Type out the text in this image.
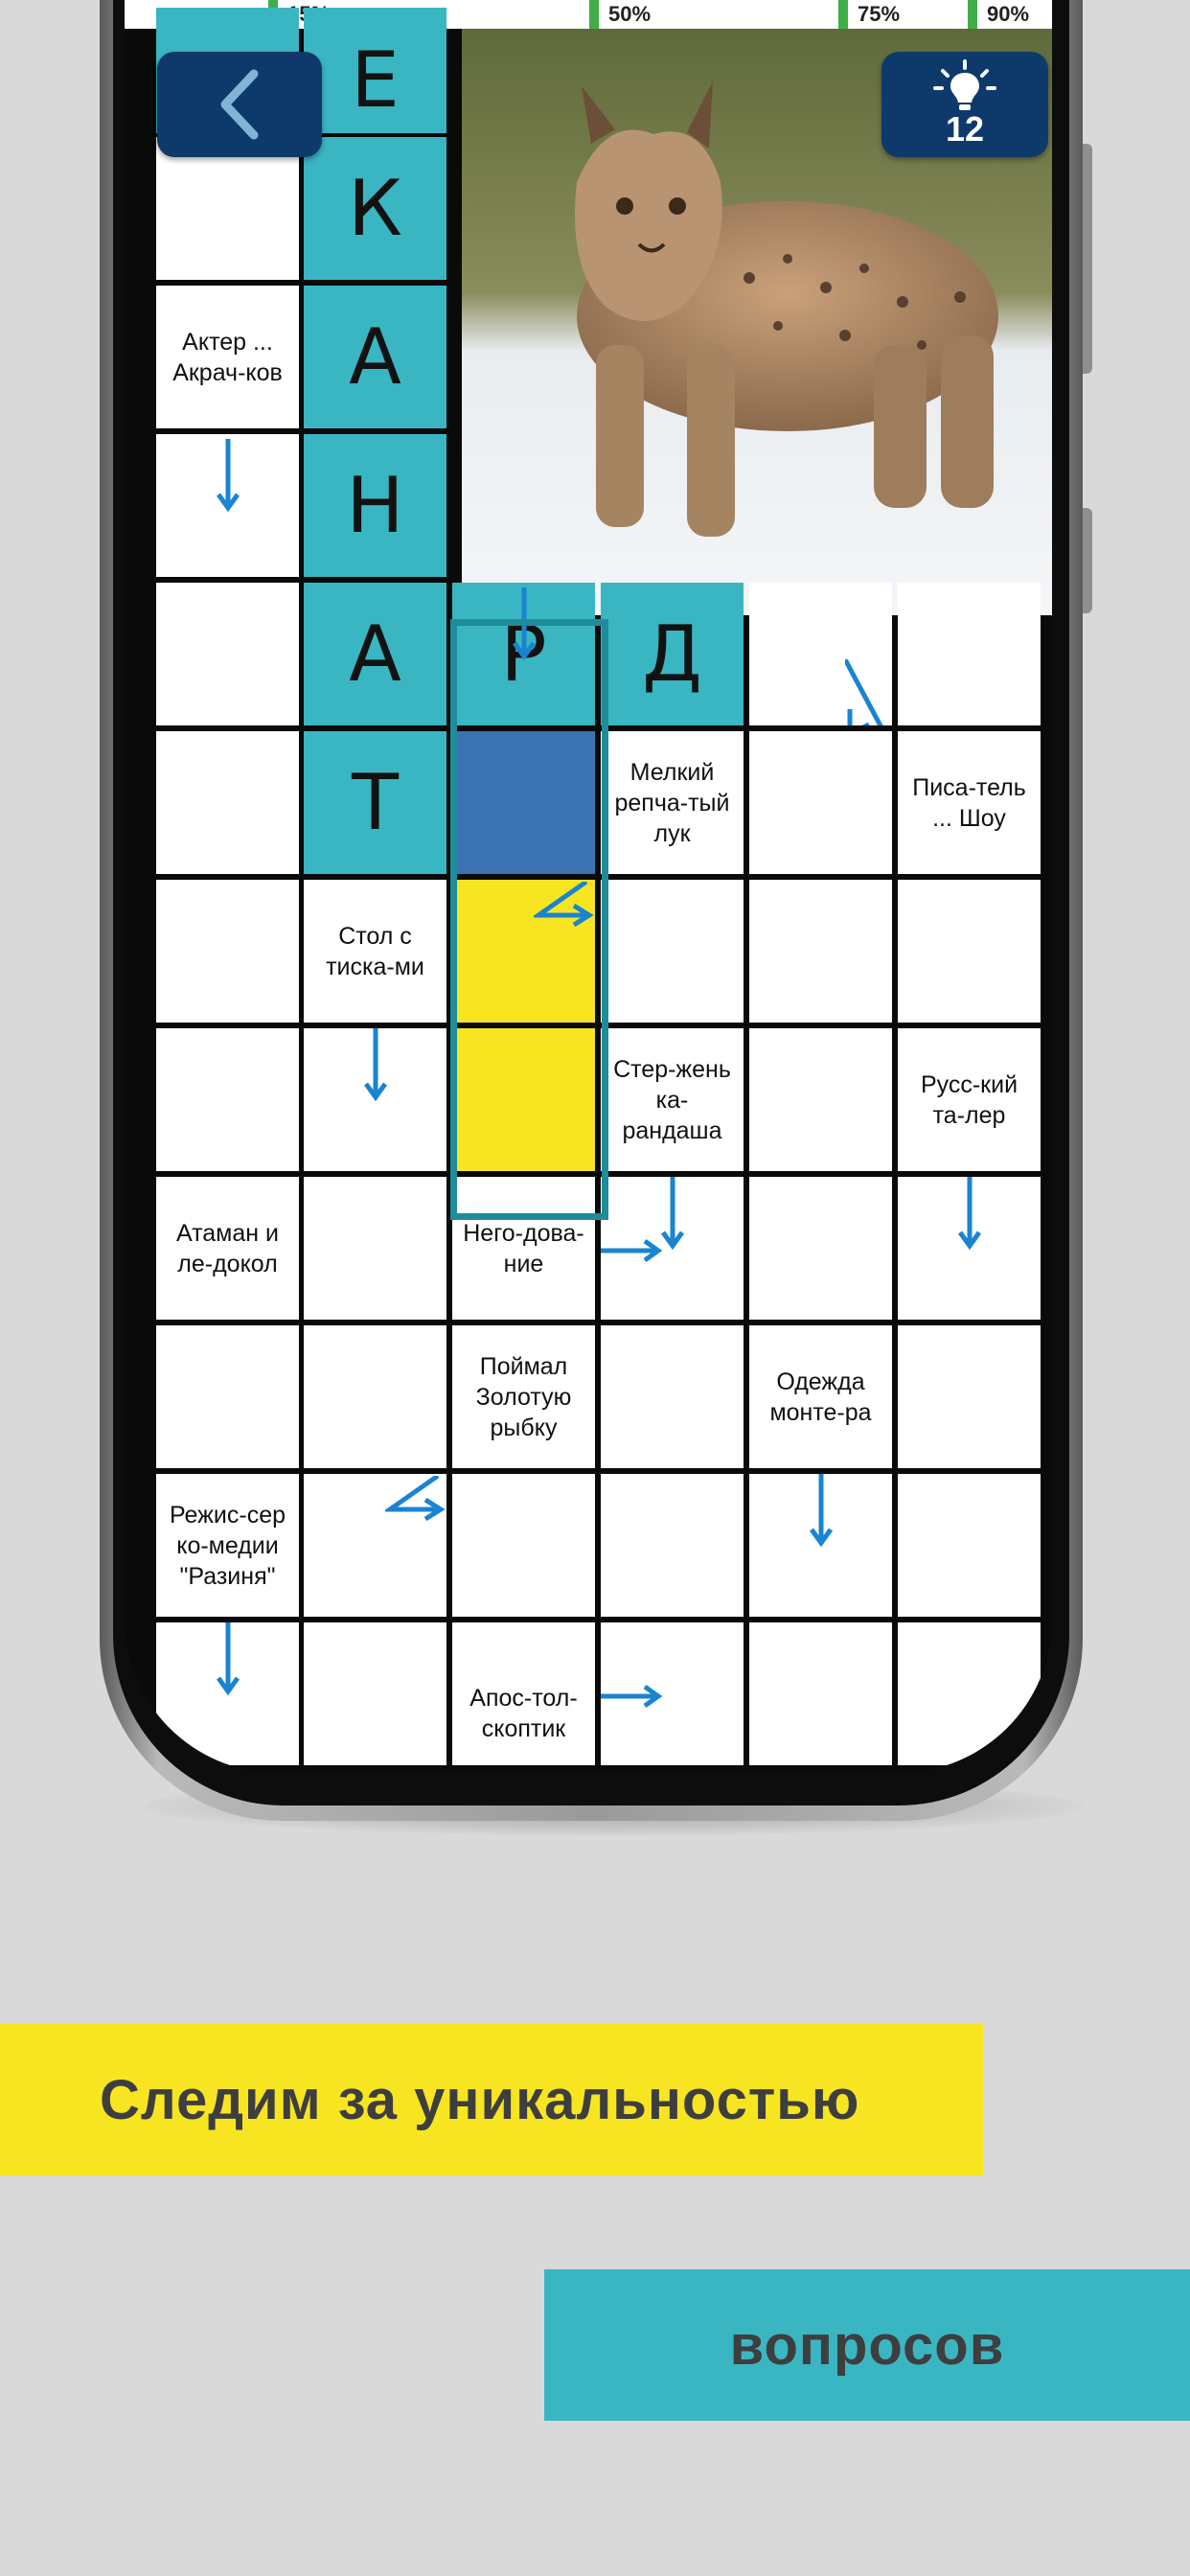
50%	75%	90%
Е
К
Актер ... Акрач-ков А
Н
А Р Д
Т	Мелкий репча-тый лук
Писа-тель ... Шоу
Стол с тиска-ми
Стер-жень ка-рандаша
Русс-кий та-лер
Атаман и ле-докол
Него-дова-ние
Поймал Золотую рыбку
Одежда монте-ра
Режис-сер ко-медии "Разиня"
Апос-тол-скоптик
12
Следим за уникальностью
вопросов
